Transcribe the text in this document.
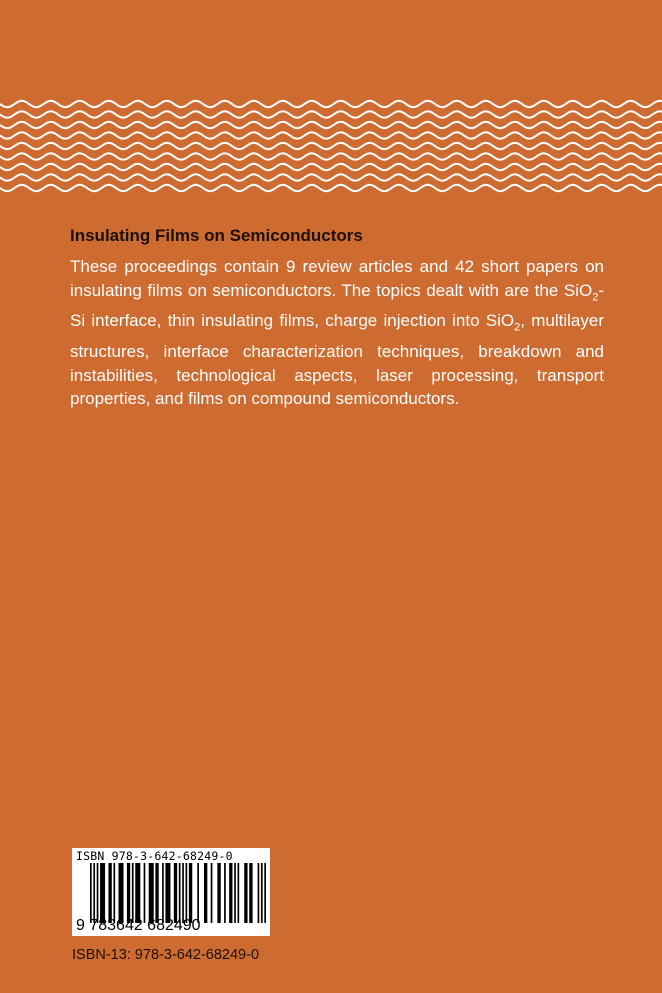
Insulating Films on Semiconductors

These proceedings contain 9 review articles and 42 short papers on insulating films on semiconductors. The topics dealt with are the SiO$_2$-Si interface, thin insulating films, charge injection into SiO$_2$, multilayer structures, interface characterization techniques, breakdown and instabilities, technological aspects, laser processing, transport properties, and films on compound semiconductors.

ISBN 978-3-642-68249-0
9 783642 682490
ISBN-13: 978-3-642-68249-0
